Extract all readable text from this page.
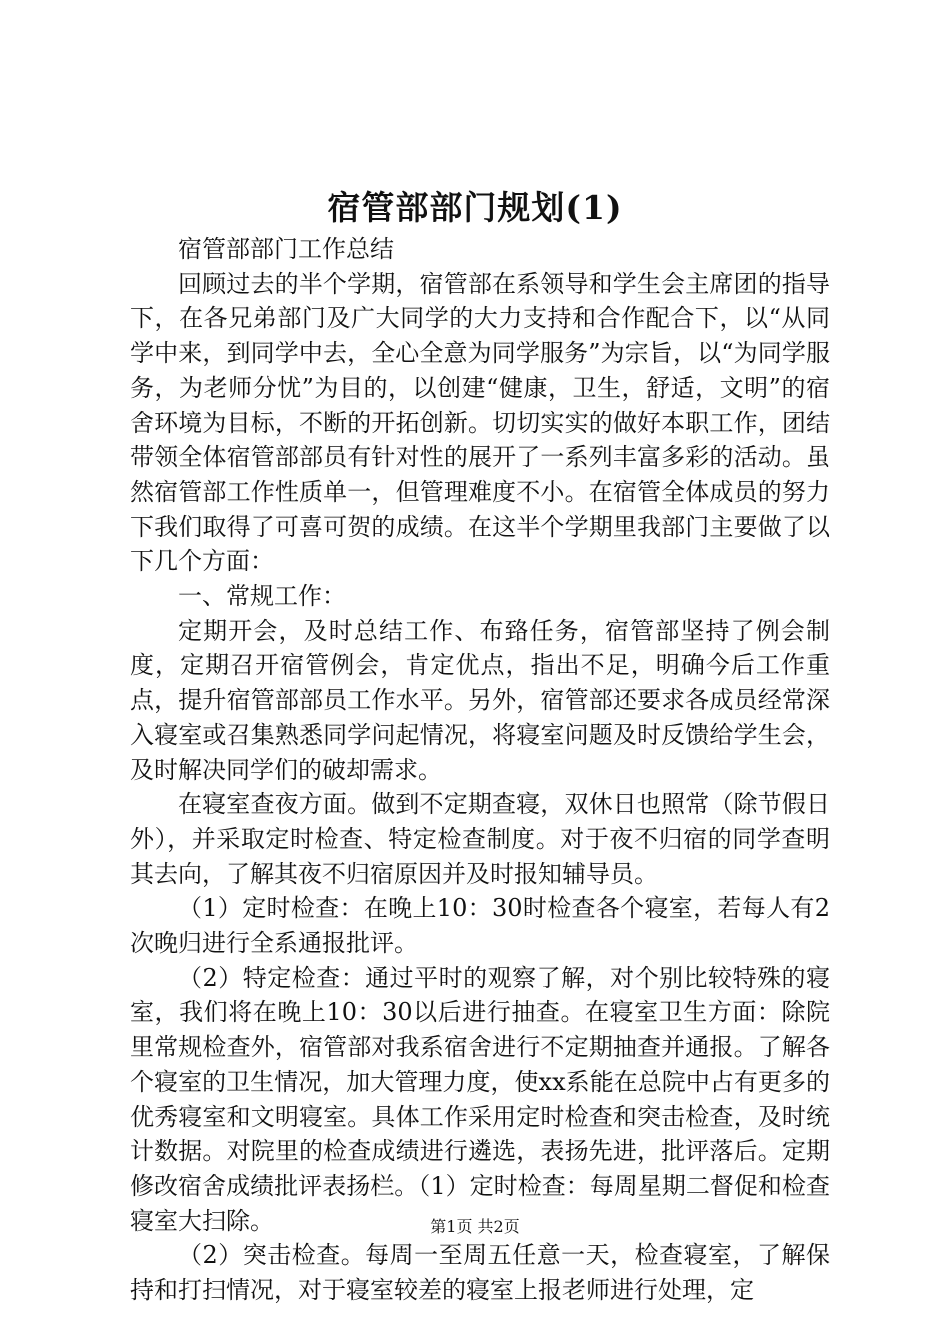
宿管部部门规划(1)

宿管部部门工作总结

回顾过去的半个学期，宿管部在系领导和学生会主席团的指导下，在各兄弟部门及广大同学的大力支持和合作配合下，以“从同学中来，到同学中去，全心全意为同学服务”为宗旨，以“为同学服务，为老师分忧”为目的，以创建“健康，卫生，舒适，文明”的宿舍环境为目标，不断的开拓创新。切切实实的做好本职工作，团结带领全体宿管部部员有针对性的展开了一系列丰富多彩的活动。虽然宿管部工作性质单一，但管理难度不小。在宿管全体成员的努力下我们取得了可喜可贺的成绩。在这半个学期里我部门主要做了以下几个方面：

一、常规工作：

定期开会，及时总结工作、布臵任务，宿管部坚持了例会制度，定期召开宿管例会，肯定优点，指出不足，明确今后工作重点，提升宿管部部员工作水平。另外，宿管部还要求各成员经常深入寝室或召集熟悉同学问起情况，将寝室问题及时反馈给学生会，及时解决同学们的破却需求。

在寝室查夜方面。做到不定期查寝，双休日也照常（除节假日外），并采取定时检查、特定检查制度。对于夜不归宿的同学查明其去向，了解其夜不归宿原因并及时报知辅导员。

（1）定时检查：在晚上10：30时检查各个寝室，若每人有2次晚归进行全系通报批评。

（2）特定检查：通过平时的观察了解，对个别比较特殊的寝室，我们将在晚上10：30以后进行抽查。在寝室卫生方面：除院里常规检查外，宿管部对我系宿舍进行不定期抽查并通报。了解各个寝室的卫生情况，加大管理力度，使xx系能在总院中占有更多的优秀寝室和文明寝室。具体工作采用定时检查和突击检查，及时统计数据。对院里的检查成绩进行遴选，表扬先进，批评落后。定期修改宿舍成绩批评表扬栏。（1）定时检查：每周星期二督促和检查寝室大扫除。

（2）突击检查。每周一至周五任意一天，检查寝室，了解保持和打扫情况，对于寝室较差的寝室上报老师进行处理，定

第1页 共2页
